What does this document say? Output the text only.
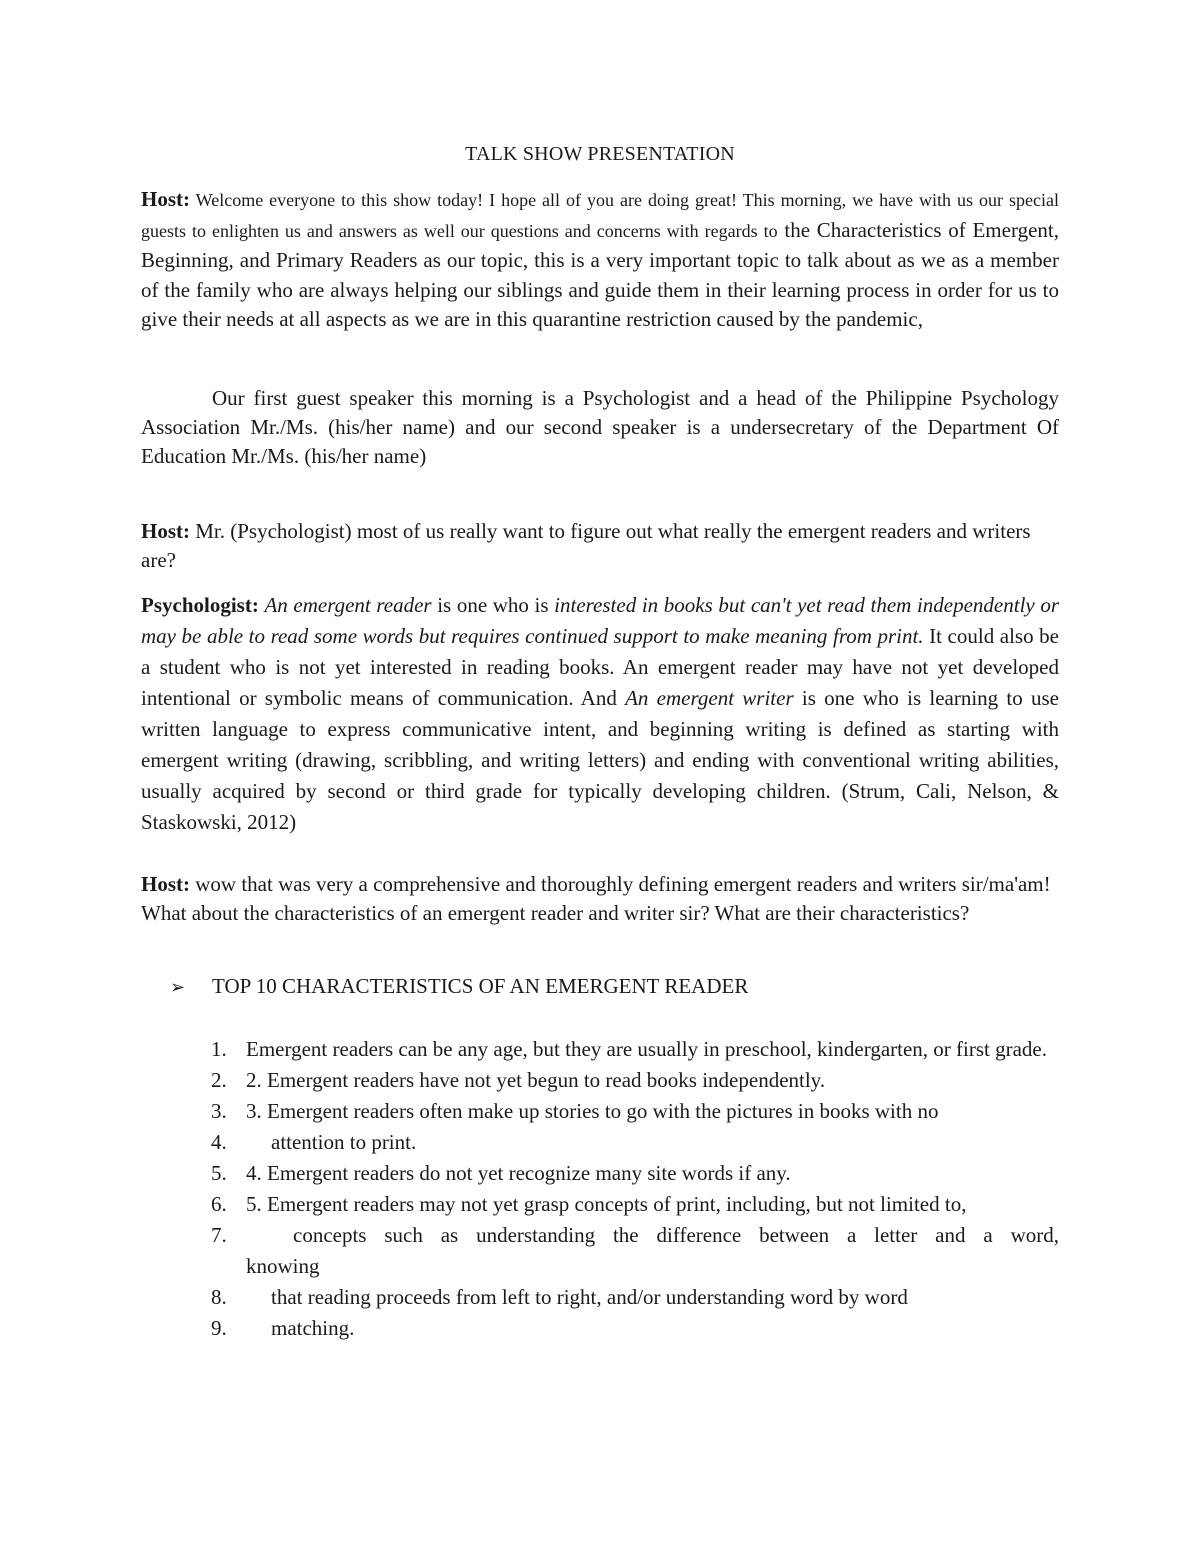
TALK SHOW PRESENTATION

Host: Welcome everyone to this show today! I hope all of you are doing great! This morning, we have with us our special guests to enlighten us and answers as well our questions and concerns with regards to the Characteristics of Emergent, Beginning, and Primary Readers as our topic, this is a very important topic to talk about as we as a member of the family who are always helping our siblings and guide them in their learning process in order for us to give their needs at all aspects as we are in this quarantine restriction caused by the pandemic,

Our first guest speaker this morning is a Psychologist and a head of the Philippine Psychology Association Mr./Ms. (his/her name) and our second speaker is a undersecretary of the Department Of Education Mr./Ms. (his/her name)

Host: Mr. (Psychologist) most of us really want to figure out what really the emergent readers and writers are?

Psychologist: An emergent reader is one who is interested in books but can't yet read them independently or may be able to read some words but requires continued support to make meaning from print. It could also be a student who is not yet interested in reading books. An emergent reader may have not yet developed intentional or symbolic means of communication. And An emergent writer is one who is learning to use written language to express communicative intent, and beginning writing is defined as starting with emergent writing (drawing, scribbling, and writing letters) and ending with conventional writing abilities, usually acquired by second or third grade for typically developing children. (Strum, Cali, Nelson, & Staskowski, 2012)

Host: wow that was very a comprehensive and thoroughly defining emergent readers and writers sir/ma'am! What about the characteristics of an emergent reader and writer sir? What are their characteristics?

➢ TOP 10 CHARACTERISTICS OF AN EMERGENT READER
1. Emergent readers can be any age, but they are usually in preschool, kindergarten, or first grade.
2. 2. Emergent readers have not yet begun to read books independently.
3. 3. Emergent readers often make up stories to go with the pictures in books with no
4.	attention to print.
5. 4. Emergent readers do not yet recognize many site words if any.
6. 5. Emergent readers may not yet grasp concepts of print, including, but not limited to,
7.	concepts such as understanding the difference between a letter and a word,
knowing
8.	that reading proceeds from left to right, and/or understanding word by word
9.	matching.
